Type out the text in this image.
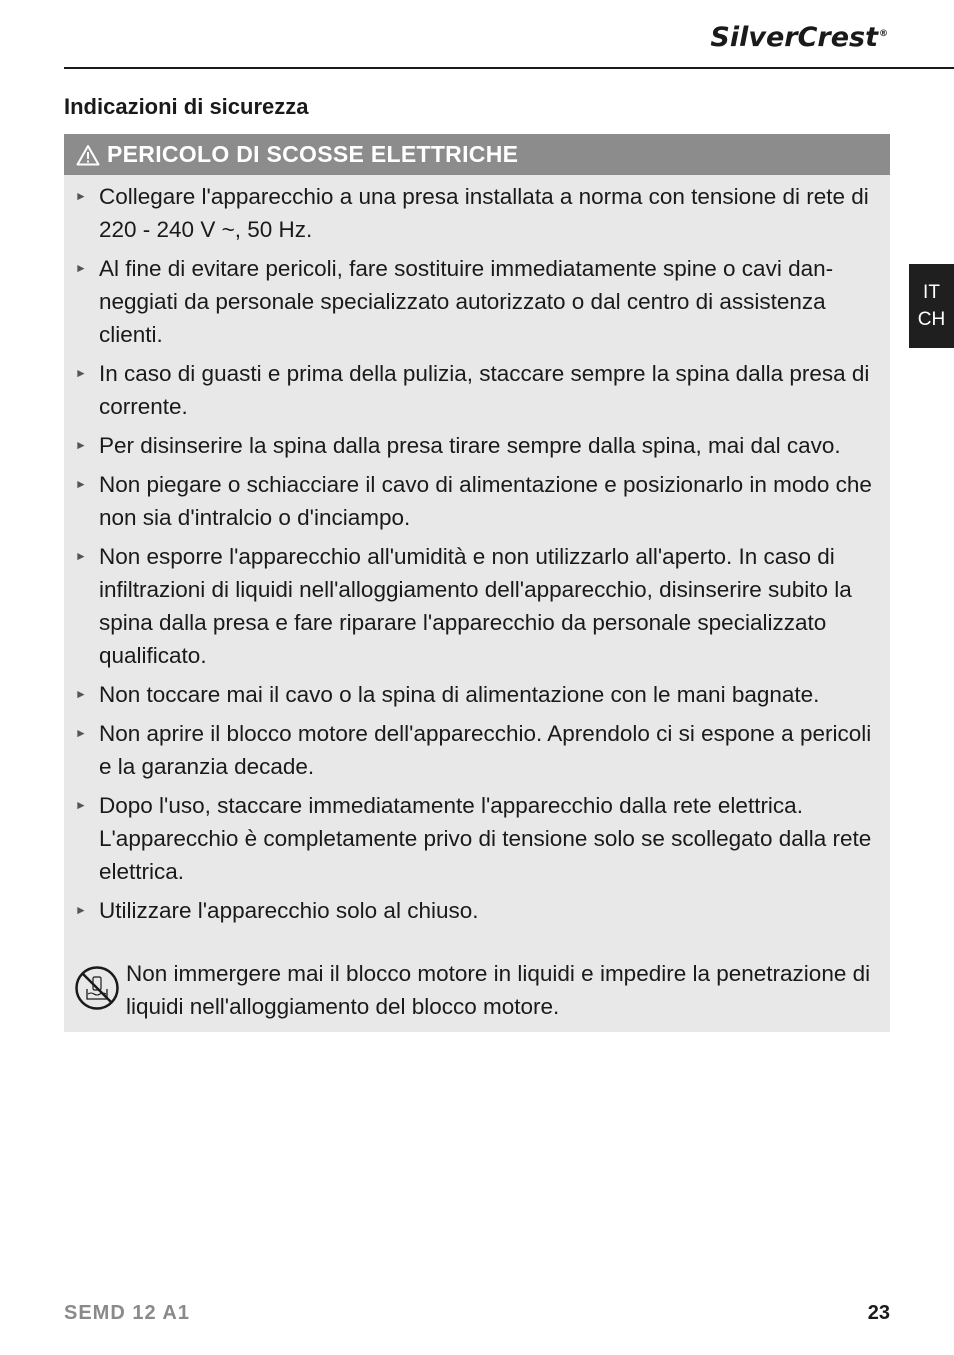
SilverCrest®
Indicazioni di sicurezza
PERICOLO DI SCOSSE ELETTRICHE
► Collegare l'apparecchio a una presa installata a norma con tensione di rete di 220 - 240 V ~, 50 Hz.
► Al fine di evitare pericoli, fare sostituire immediatamente spine o cavi dan-neggiati da personale specializzato autorizzato o dal centro di assistenza clienti.
► In caso di guasti e prima della pulizia, staccare sempre la spina dalla presa di corrente.
► Per disinserire la spina dalla presa tirare sempre dalla spina, mai dal cavo.
► Non piegare o schiacciare il cavo di alimentazione e posizionarlo in modo che non sia d'intralcio o d'inciampo.
► Non esporre l'apparecchio all'umidità e non utilizzarlo all'aperto. In caso di infiltrazioni di liquidi nell'alloggiamento dell'apparecchio, disinserire subito la spina dalla presa e fare riparare l'apparecchio da personale specializzato qualificato.
► Non toccare mai il cavo o la spina di alimentazione con le mani bagnate.
► Non aprire il blocco motore dell'apparecchio. Aprendolo ci si espone a pericoli e la garanzia decade.
► Dopo l'uso, staccare immediatamente l'apparecchio dalla rete elettrica. L'apparecchio è completamente privo di tensione solo se scollegato dalla rete elettrica.
► Utilizzare l'apparecchio solo al chiuso.
Non immergere mai il blocco motore in liquidi e impedire la penetrazione di liquidi nell'alloggiamento del blocco motore.
IT
CH
SEMD 12 A1	23
